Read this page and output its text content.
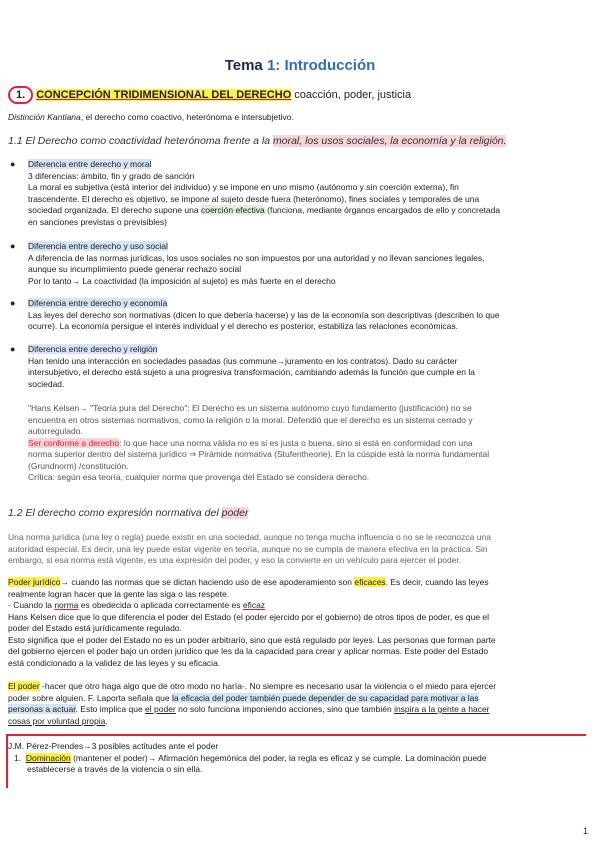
Tema 1: Introducción
1. CONCEPCIÓN TRIDIMENSIONAL DEL DERECHO coacción, poder, justicia
Distinción Kantiana, el derecho como coactivo, heterónoma e intersubjetivo.
1.1 El Derecho como coactividad heterónoma frente a la moral, los usos sociales, la economía y la religión.
● Diferencia entre derecho y moral
3 diferencias: ámbito, fin y grado de sanción
La moral es subjetiva (está interior del individuo) y se impone en uno mismo (autónomo y sin coerción externa), fin
trascendente. El derecho es objetivo, se impone al sujeto desde fuera (heterónomo), fines sociales y temporales de una
sociedad organizada. El derecho supone una coerción efectiva (funciona, mediante órganos encargados de ello y concretada
en sanciones previstas o previsibles)
● Diferencia entre derecho y uso social
A diferencia de las normas jurídicas, los usos sociales no son impuestos por una autoridad y no llevan sanciones legales,
aunque su incumplimiento puede generar rechazo social
Por lo tanto→ La coactividad (la imposición al sujeto) es más fuerte en el derecho
● Diferencia entre derecho y economía
Las leyes del derecho son normativas (dicen lo que debería hacerse) y las de la economía son descriptivas (describen lo que
ocurre). La economía persigue el interés individual y el derecho es posterior, estabiliza las relaciones económicas.
● Diferencia entre derecho y religión
Han tenido una interacción en sociedades pasadas (ius commune→juramento en los contratos). Dado su carácter
intersubjetivo, el derecho está sujeto a una progresiva transformación, cambiando además la función que cumple en la
sociedad.
"Hans Kelsen→ "Teoría pura del Derecho": El Derecho es un sistema autónomo cuyo fundamento (justificación) no se
encuentra en otros sistemas normativos, como la religión o la moral. Defendió que el derecho es un sistema cerrado y
autorregulado.
Ser conforme a derecho: lo que hace una norma válida no es si es justa o buena, sino si está en conformidad con una
norma superior dentro del sistema jurídico ⇒ Pirámide normativa (Stufentheorie). En la cúspide está la norma fundamental
(Grundnorm) /constitución.
Crítica: según esa teoría, cualquier norma que provenga del Estado se considera derecho.
1.2 El derecho como expresión normativa del poder
Una norma jurídica (una ley o regla) puede existir en una sociedad, aunque no tenga mucha influencia o no se le reconozca una
autoridad especial. Es decir, una ley puede estar vigente en teoría, aunque no se cumpla de manera efectiva en la práctica. Sin
embargo, si esa norma está vigente, es una expresión del poder, y eso la convierte en un vehículo para ejercer el poder.
Poder jurídico→ cuando las normas que se dictan haciendo uso de ese apoderamiento son eficaces. Es decir, cuando las leyes
realmente logran hacer que la gente las siga o las respete.
- Cuando la norma es obedecida o aplicada correctamente es eficaz
Hans Kelsen dice que lo que diferencia el poder del Estado (el poder ejercido por el gobierno) de otros tipos de poder, es que el
poder del Estado está jurídicamente regulado.
Esto significa que el poder del Estado no es un poder arbitrario, sino que está regulado por leyes. Las personas que forman parte
del gobierno ejercen el poder bajo un orden jurídico que les da la capacidad para crear y aplicar normas. Este poder del Estado
está condicionado a la validez de las leyes y su eficacia.
El poder -hacer que otro haga algo que de otro modo no haría-. No siempre es necesario usar la violencia o el miedo para ejercer
poder sobre alguien. F. Laporta señala que la eficacia del poder también puede depender de su capacidad para motivar a las
personas a actuar. Esto implica que el poder no solo funciona imponiendo acciones, sino que también inspira a la gente a hacer
cosas por voluntad propia.
J.M. Pérez-Prendes→3 posibles actitudes ante el poder
1. Dominación (mantener el poder)→ Afirmación hegemónica del poder, la regla es eficaz y se cumple. La dominación puede
establecerse a través de la violencia o sin ella.
1
